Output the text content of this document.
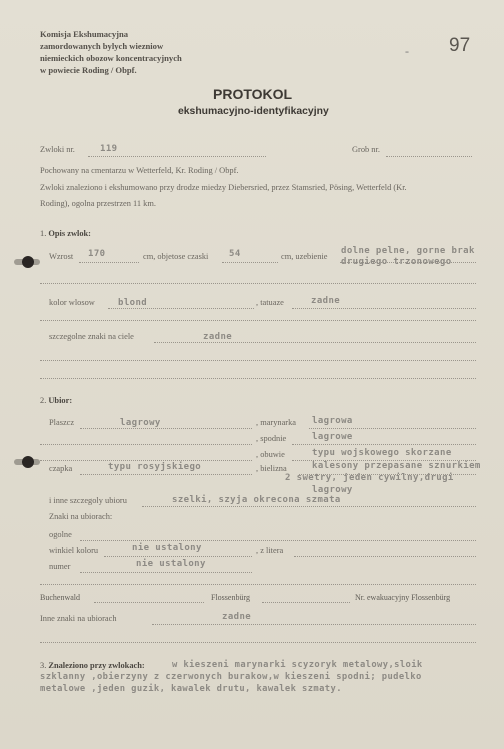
Komisja Ekshumacyjna
zamordowanych bylych wiezniow
niemieckich obozow koncentracyjnych
w powiecie Roding / Obpf.
- 97
PROTOKOL
ekshumacyjno-identyfikacyjny
Zwloki nr.	119	Grob nr.
Pochowany na cmentarzu w Wetterfeld, Kr. Roding / Obpf.
Zwloki znaleziono i ekshumowano przy drodze miedzy Diebersried, przez Stamsried, Pösing, Wetterfeld (Kr.
Roding), ogolna przestrzen 11 km.
1. Opis zwlok:
Wzrost 170	cm, objetose czaski 54	cm, uzebienie
dolne pelne, gorne brak
drugiego trzonowego
kolor wlosow	blond	, tatuaze	zadne
szczegolne znaki na ciele	zadne
2. Ubior:
Plaszcz	lagrowy	, marynarka lagrowa
, spodnie	lagrowe
, obuwie	typu wojskowego skorzane
czapka	typu rosyjskiego	, bielizna	kalesony przepasane sznurkiem
2 swetry, jeden cywilny,drugi
lagrowy
i inne szczegoly ubioru	szelki, szyja okrecona szmata
Znaki na ubiorach:
ogolne
winkiel koloru	nie ustalony	, z litera
numer	nie ustalony
Buchenwald	Flossenbürg	Nr. ewakuacyjny Flossenbürg
Inne znaki na ubiorach	zadne
3. Znaleziono przy zwlokach:	w kieszeni marynarki scyzoryk metalowy,sloik
szklanny ,obierzyny z czerwonych burakow,w kieszeni spodni; pudelko
metalowe ,jeden guzik, kawalek drutu, kawalek szmaty.
